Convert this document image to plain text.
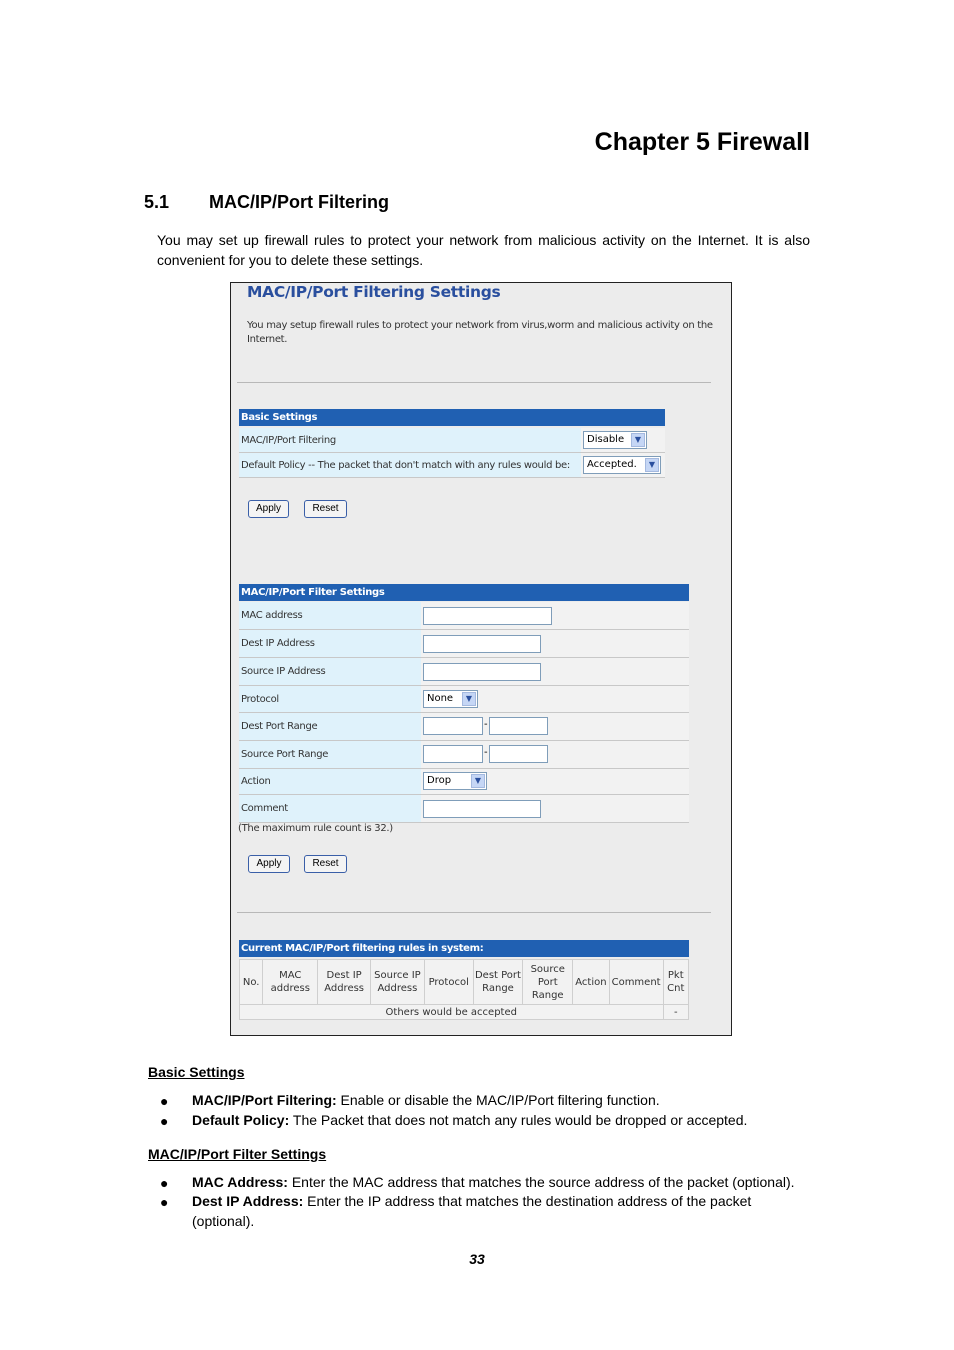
Chapter 5 Firewall
5.1 MAC/IP/Port Filtering
You may set up firewall rules to protect your network from malicious activity on the Internet. It is also convenient for you to delete these settings.
MAC/IP/Port Filtering Settings
You may setup firewall rules to protect your network from virus,worm and malicious activity on the Internet.
Basic Settings
MAC/IP/Port Filtering	Disable	▼
Default Policy -- The packet that don't match with any rules would be:	Accepted.	▼
Apply	Reset
MAC/IP/Port Filter Settings
MAC address
Dest IP Address
Source IP Address
Protocol	None	▼
Dest Port Range	-
Source Port Range	-
Action	Drop	▼
Comment
(The maximum rule count is 32.)
Apply	Reset
Current MAC/IP/Port filtering rules in system:
No.	MAC address	Dest IP Address	Source IP Address	Protocol	Dest Port Range	Source Port Range	Action	Comment	Pkt Cnt
Others would be accepted									-
Basic Settings
● MAC/IP/Port Filtering: Enable or disable the MAC/IP/Port filtering function.
● Default Policy: The Packet that does not match any rules would be dropped or accepted.
MAC/IP/Port Filter Settings
● MAC Address: Enter the MAC address that matches the source address of the packet (optional).
● Dest IP Address: Enter the IP address that matches the destination address of the packet (optional).
33
